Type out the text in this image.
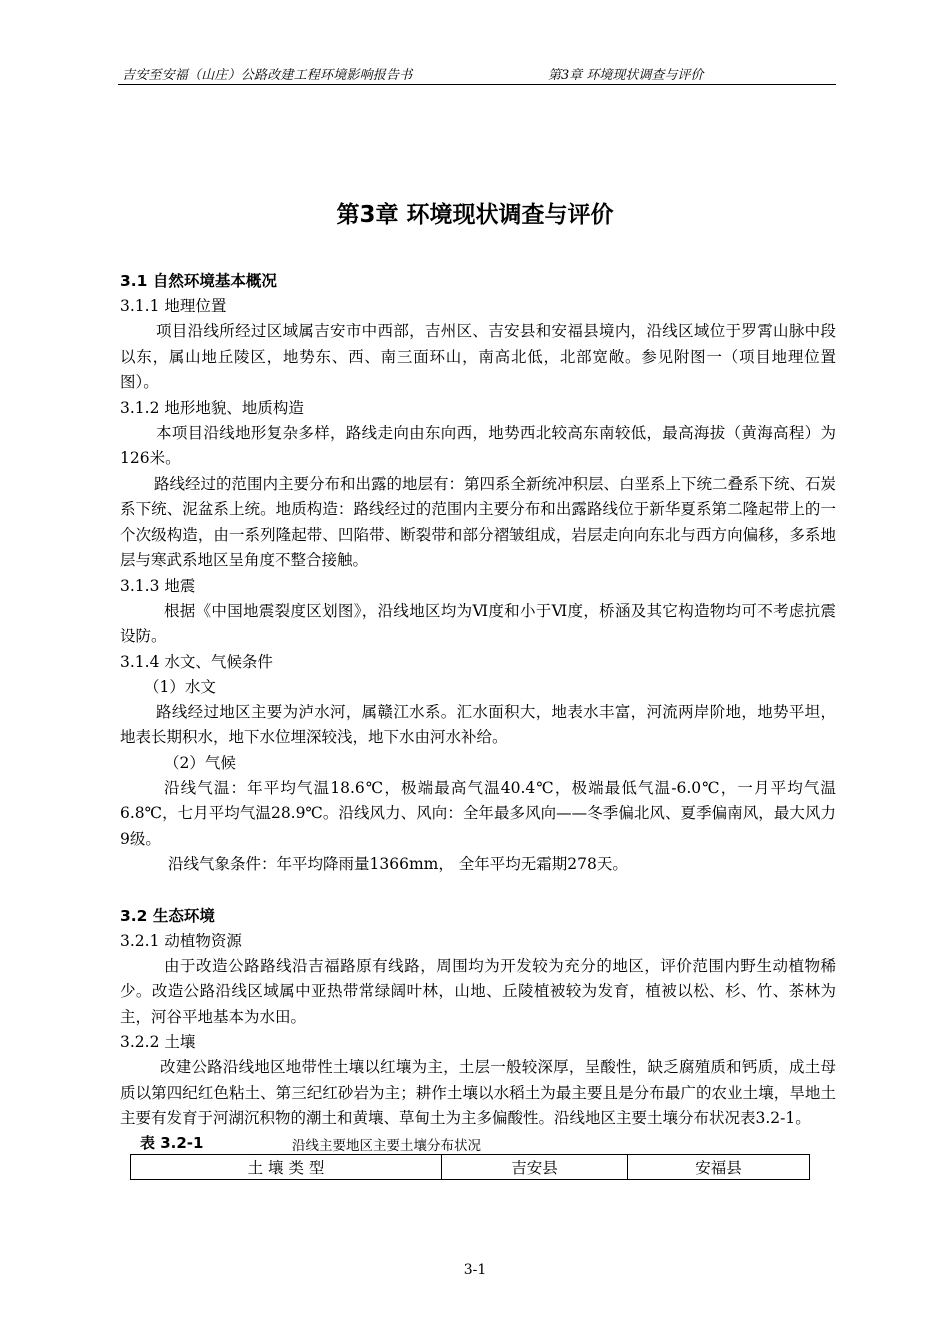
吉安至安福（山庄）公路改建工程环境影响报告书	第3章 环境现状调查与评价
第3章 环境现状调查与评价
3.1 自然环境基本概况
3.1.1 地理位置
项目沿线所经过区域属吉安市中西部，吉州区、吉安县和安福县境内，沿线区域位于罗霄山脉中段以东，属山地丘陵区，地势东、西、南三面环山，南高北低，北部宽敞。参见附图一（项目地理位置图）。
3.1.2 地形地貌、地质构造
本项目沿线地形复杂多样，路线走向由东向西，地势西北较高东南较低，最高海拔（黄海高程）为126米。
路线经过的范围内主要分布和出露的地层有：第四系全新统冲积层、白垩系上下统二叠系下统、石炭系下统、泥盆系上统。地质构造：路线经过的范围内主要分布和出露路线位于新华夏系第二隆起带上的一个次级构造，由一系列隆起带、凹陷带、断裂带和部分褶皱组成，岩层走向向东北与西方向偏移，多系地层与寒武系地区呈角度不整合接触。
3.1.3 地震
根据《中国地震裂度区划图》，沿线地区均为Ⅵ度和小于Ⅵ度，桥涵及其它构造物均可不考虑抗震设防。
3.1.4 水文、气候条件
（1）水文
路线经过地区主要为泸水河，属赣江水系。汇水面积大，地表水丰富，河流两岸阶地，地势平坦，地表长期积水，地下水位埋深较浅，地下水由河水补给。
（2）气候
沿线气温：年平均气温18.6℃，极端最高气温40.4℃，极端最低气温-6.0℃，一月平均气温6.8℃，七月平均气温28.9℃。沿线风力、风向：全年最多风向——冬季偏北风、夏季偏南风，最大风力9级。
沿线气象条件：年平均降雨量1366mm， 全年平均无霜期278天。
3.2 生态环境
3.2.1 动植物资源
由于改造公路路线沿吉福路原有线路，周围均为开发较为充分的地区，评价范围内野生动植物稀少。改造公路沿线区域属中亚热带常绿阔叶林，山地、丘陵植被较为发育，植被以松、杉、竹、茶林为主，河谷平地基本为水田。
3.2.2 土壤
改建公路沿线地区地带性土壤以红壤为主，土层一般较深厚，呈酸性，缺乏腐殖质和钙质，成土母质以第四纪红色粘土、第三纪红砂岩为主；耕作土壤以水稻土为最主要且是分布最广的农业土壤，旱地土主要有发育于河湖沉积物的潮土和黄壤、草甸土为主多偏酸性。沿线地区主要土壤分布状况表3.2-1。
表 3.2-1	沿线主要地区主要土壤分布状况
土 壤 类 型	吉安县	安福县
3-1
